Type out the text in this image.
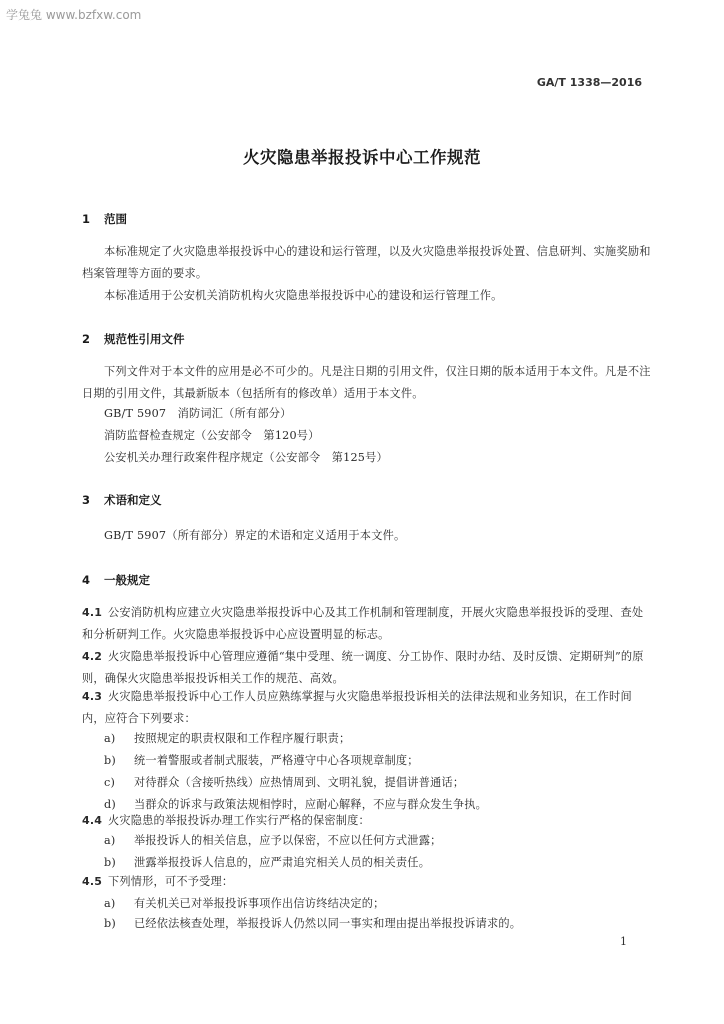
学兔兔 www.bzfxw.com
GA/T 1338—2016
火灾隐患举报投诉中心工作规范
1 范围
本标准规定了火灾隐患举报投诉中心的建设和运行管理，以及火灾隐患举报投诉处置、信息研判、实施奖励和档案管理等方面的要求。
本标准适用于公安机关消防机构火灾隐患举报投诉中心的建设和运行管理工作。
2 规范性引用文件
下列文件对于本文件的应用是必不可少的。凡是注日期的引用文件，仅注日期的版本适用于本文件。凡是不注日期的引用文件，其最新版本（包括所有的修改单）适用于本文件。
GB/T 5907　消防词汇（所有部分）
消防监督检查规定（公安部令　第120号）
公安机关办理行政案件程序规定（公安部令　第125号）
3 术语和定义
GB/T 5907（所有部分）界定的术语和定义适用于本文件。
4 一般规定
4.1 公安消防机构应建立火灾隐患举报投诉中心及其工作机制和管理制度，开展火灾隐患举报投诉的受理、查处和分析研判工作。火灾隐患举报投诉中心应设置明显的标志。
4.2 火灾隐患举报投诉中心管理应遵循“集中受理、统一调度、分工协作、限时办结、及时反馈、定期研判”的原则，确保火灾隐患举报投诉相关工作的规范、高效。
4.3 火灾隐患举报投诉中心工作人员应熟练掌握与火灾隐患举报投诉相关的法律法规和业务知识，在工作时间内，应符合下列要求：
a) 按照规定的职责权限和工作程序履行职责；
b) 统一着警服或者制式服装，严格遵守中心各项规章制度；
c) 对待群众（含接听热线）应热情周到、文明礼貌，提倡讲普通话；
d) 当群众的诉求与政策法规相悖时，应耐心解释，不应与群众发生争执。
4.4 火灾隐患的举报投诉办理工作实行严格的保密制度：
a) 举报投诉人的相关信息，应予以保密，不应以任何方式泄露；
b) 泄露举报投诉人信息的，应严肃追究相关人员的相关责任。
4.5 下列情形，可不予受理：
a) 有关机关已对举报投诉事项作出信访终结决定的；
b) 已经依法核查处理，举报投诉人仍然以同一事实和理由提出举报投诉请求的。
1
